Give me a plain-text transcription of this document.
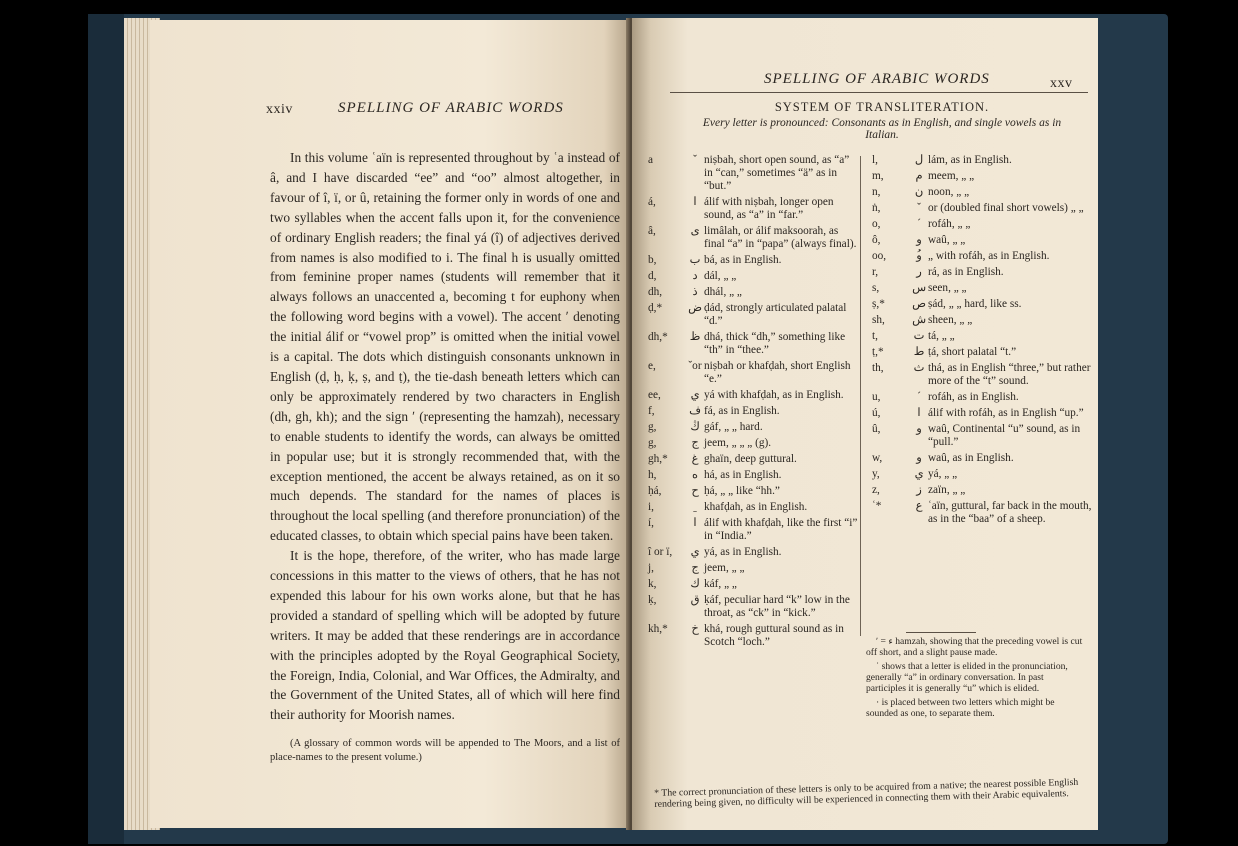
xxiv	SPELLING OF ARABIC WORDS

In this volume ʿaïn is represented throughout by ʿa instead of â, and I have discarded “ee” and “oo” almost altogether, in favour of î, ï, or û, retaining the former only in words of one and two syllables when the accent falls upon it, for the convenience of ordinary English readers; the final yá (î) of adjectives derived from names is also modified to i. The final h is usually omitted from feminine proper names (students will remember that it always follows an unaccented a, becoming t for euphony when the following word begins with a vowel). The accent ʹ denoting the initial álif or “vowel prop” is omitted when the initial vowel is a capital. The dots which distinguish consonants unknown in English (ḍ, ḥ, ḳ, ṣ, and ṭ), the tie-dash beneath letters which can only be approximately rendered by two characters in English (dh, gh, kh); and the sign ʹ (representing the hamzah), necessary to enable students to identify the words, can always be omitted in popular use; but it is strongly recommended that, with the exception mentioned, the accent be always retained, as on it so much depends. The standard for the names of places is throughout the local spelling (and therefore pronunciation) of the educated classes, to obtain which special pains have been taken.

It is the hope, therefore, of the writer, who has made large concessions in this matter to the views of others, that he has not expended this labour for his own works alone, but that he has provided a standard of spelling which will be adopted by future writers. It may be added that these renderings are in accordance with the principles adopted by the Royal Geographical Society, the Foreign, India, Colonial, and War Offices, the Admiralty, and the Government of the United States, all of which will here find their authority for Moorish names.

(A glossary of common words will be appended to The Moors, and a list of place-names to the present volume.)

SPELLING OF ARABIC WORDS	xxv
SYSTEM OF TRANSLITERATION.
Every letter is pronounced: Consonants as in English, and single vowels as in Italian.
a	ˇ niṣbah, short open sound, as “a” in “can,” sometimes “ä” as in “but.”
á,	ا álif with niṣbah, longer open sound, as “a” in “far.”
â,	ى limâlah, or álif maksoorah, as final “a” in “papa” (always final).
b,	ب bá, as in English.
d,	د dál, „ „
dh,	ذ dhál, „ „
ḍ,*	ض ḍád, strongly articulated palatal “d.”
dh,*	ظ dhá, thick “dh,” something like “th” in “thee.”
e,	ˇor niṣbah or khafḍah, short English “e.”
ee,	ِي yá with khafḍah, as in English.
f,	ف fá, as in English.
g,	ڭ gáf, „ „ hard.
g,	ج jeem, „ „ „ (g).
gh,*	غ ghaïn, deep guttural.
h,	ه há, as in English.
ḥá,	ح ḥá, „ „ like “hh.”
i,	ˍ khafḍah, as in English.
í,	ا álif with khafḍah, like the first “i” in “India.”
î or ï,	ي yá, as in English.
j,	ج jeem, „ „
k,	ك káf, „ „
ḳ,	ق ḳáf, peculiar hard “k” low in the throat, as “ck” in “kick.”
kh,*	خ khá, rough guttural sound as in Scotch “loch.”
l,	ل lám, as in English.
m,	م meem, „ „
n,	ن noon, „ „
ṅ,	ˇ or (doubled final short vowels) „ „
o,	ˊ rofáh, „ „
ô,	و waû, „ „
oo,	ُو „ with rofáh, as in English.
r,	ر rá, as in English.
s,	س seen, „ „
ṣ,*	ص ṣád, „ „ hard, like ss.
sh,	ش sheen, „ „
t,	ت tá, „ „
ṭ,*	ط ṭá, short palatal “t.”
th,	ث thá, as in English “three,” but rather more of the “t” sound.
u,	ˊ rofáh, as in English.
ú,	ا álif with rofáh, as in English “up.”
û,	و waû, Continental “u” sound, as in “pull.”
w,	و waû, as in English.
y,	ي yá, „ „
z,	ز zaïn, „ „
ʿ*	ع ʿaïn, guttural, far back in the mouth, as in the “baa” of a sheep.

ʹ = ء hamzah, showing that the preceding vowel is cut off short, and a slight pause made.

ʾ shows that a letter is elided in the pronunciation, generally “a” in ordinary conversation. In past participles it is generally “u” which is elided.

· is placed between two letters which might be sounded as one, to separate them.

* The correct pronunciation of these letters is only to be acquired from a native; the nearest possible English rendering being given, no difficulty will be experienced in connecting them with their Arabic equivalents.
